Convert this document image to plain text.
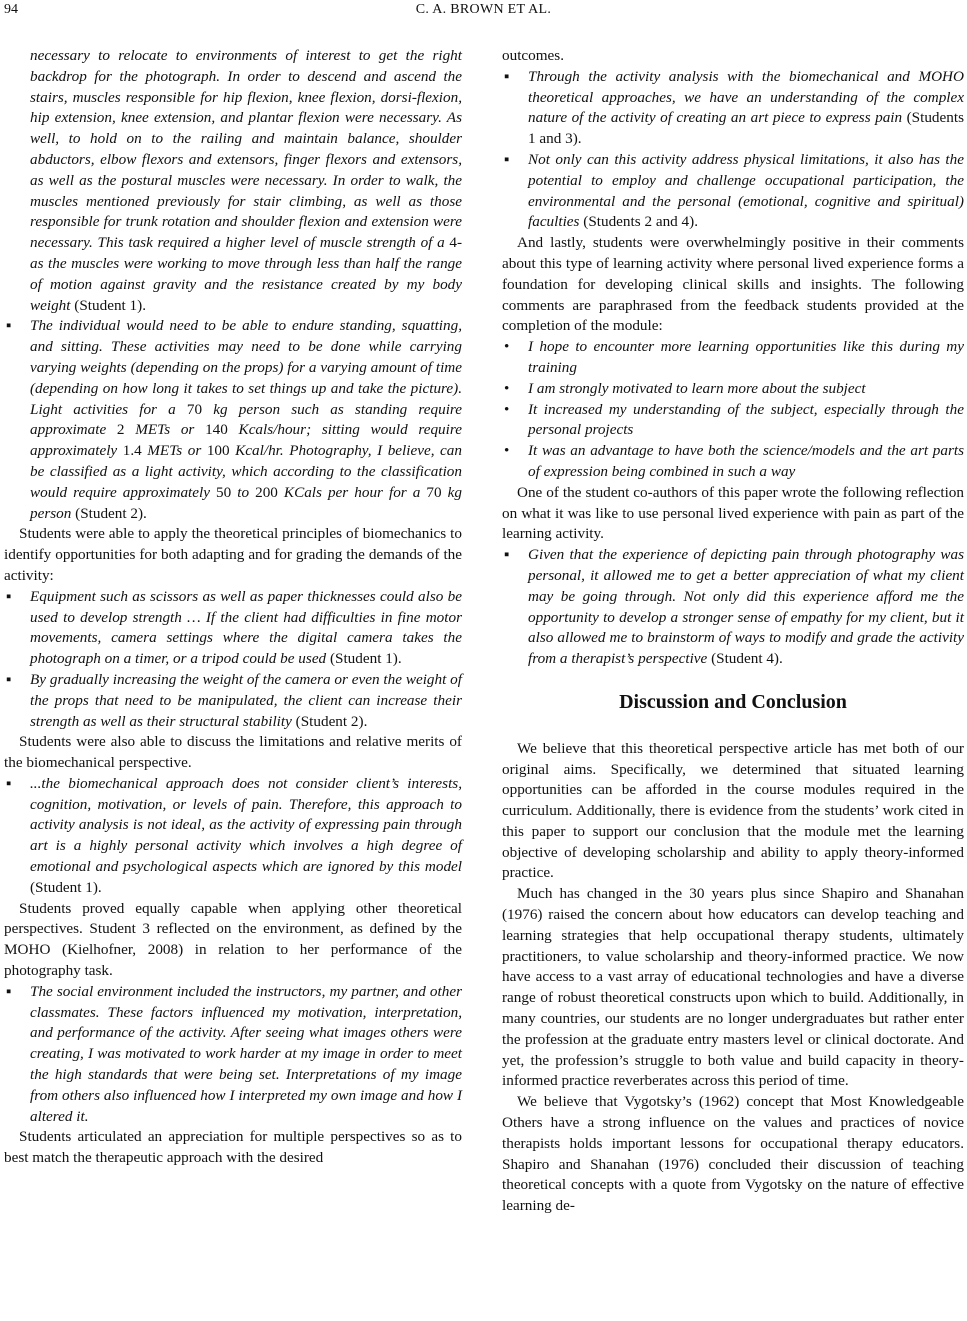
94	C. A. BROWN ET AL.

necessary to relocate to environments of interest to get the right backdrop for the photograph. In order to descend and ascend the stairs, muscles responsible for hip flexion, knee flexion, dorsi-flexion, hip extension, knee extension, and plantar flexion were necessary. As well, to hold on to the railing and maintain balance, shoulder abductors, elbow flexors and extensors, finger flexors and extensors, as well as the postural muscles were necessary. In order to walk, the muscles mentioned previously for stair climbing, as well as those responsible for trunk rotation and shoulder flexion and extension were necessary. This task required a higher level of muscle strength of a 4-as the muscles were working to move through less than half the range of motion against gravity and the resistance created by my body weight (Student 1).

▪ The individual would need to be able to endure standing, squatting, and sitting. These activities may need to be done while carrying varying weights (depending on the props) for a varying amount of time (depending on how long it takes to set things up and take the picture). Light activities for a 70 kg person such as standing require approximate 2 METs or 140 Kcals/hour; sitting would require approximately 1.4 METs or 100 Kcal/hr. Photography, I believe, can be classified as a light activity, which according to the classification would require approximately 50 to 200 KCals per hour for a 70 kg person (Student 2).

Students were able to apply the theoretical principles of biomechanics to identify opportunities for both adapting and for grading the demands of the activity:

▪ Equipment such as scissors as well as paper thicknesses could also be used to develop strength … If the client had difficulties in fine motor movements, camera settings where the digital camera takes the photograph on a timer, or a tripod could be used (Student 1).

▪ By gradually increasing the weight of the camera or even the weight of the props that need to be manipulated, the client can increase their strength as well as their structural stability (Student 2).

Students were also able to discuss the limitations and relative merits of the biomechanical perspective.

▪ ...the biomechanical approach does not consider client’s interests, cognition, motivation, or levels of pain. Therefore, this approach to activity analysis is not ideal, as the activity of expressing pain through art is a highly personal activity which involves a high degree of emotional and psychological aspects which are ignored by this model (Student 1).

Students proved equally capable when applying other theoretical perspectives. Student 3 reflected on the environment, as defined by the MOHO (Kielhofner, 2008) in relation to her performance of the photography task.

▪ The social environment included the instructors, my partner, and other classmates. These factors influenced my motivation, interpretation, and performance of the activity. After seeing what images others were creating, I was motivated to work harder at my image in order to meet the high standards that were being set. Interpretations of my image from others also influenced how I interpreted my own image and how I altered it.

Students articulated an appreciation for multiple perspectives so as to best match the therapeutic approach with the desired

outcomes.

▪ Through the activity analysis with the biomechanical and MOHO theoretical approaches, we have an understanding of the complex nature of the activity of creating an art piece to express pain (Students 1 and 3).

▪ Not only can this activity address physical limitations, it also has the potential to employ and challenge occupational participation, the environmental and the personal (emotional, cognitive and spiritual) faculties (Students 2 and 4).

And lastly, students were overwhelmingly positive in their comments about this type of learning activity where personal lived experience forms a foundation for developing clinical skills and insights. The following comments are paraphrased from the feedback students provided at the completion of the module:

• I hope to encounter more learning opportunities like this during my training

• I am strongly motivated to learn more about the subject

• It increased my understanding of the subject, especially through the personal projects

• It was an advantage to have both the science/models and the art parts of expression being combined in such a way

One of the student co-authors of this paper wrote the following reflection on what it was like to use personal lived experience with pain as part of the learning activity.

▪ Given that the experience of depicting pain through photography was personal, it allowed me to get a better appreciation of what my client may be going through. Not only did this experience afford me the opportunity to develop a stronger sense of empathy for my client, but it also allowed me to brainstorm of ways to modify and grade the activity from a therapist’s perspective (Student 4).

Discussion and Conclusion

We believe that this theoretical perspective article has met both of our original aims. Specifically, we determined that situated learning opportunities can be afforded in the course modules required in the curriculum. Additionally, there is evidence from the students’ work cited in this paper to support our conclusion that the module met the learning objective of developing scholarship and ability to apply theory-informed practice.

Much has changed in the 30 years plus since Shapiro and Shanahan (1976) raised the concern about how educators can develop teaching and learning strategies that help occupational therapy students, ultimately practitioners, to value scholarship and theory-informed practice. We now have access to a vast array of educational technologies and have a diverse range of robust theoretical constructs upon which to build. Additionally, in many countries, our students are no longer undergraduates but rather enter the profession at the graduate entry masters level or clinical doctorate. And yet, the profession’s struggle to both value and build capacity in theory-informed practice reverberates across this period of time.

We believe that Vygotsky’s (1962) concept that Most Knowledgeable Others have a strong influence on the values and practices of novice therapists holds important lessons for occupational therapy educators. Shapiro and Shanahan (1976) concluded their discussion of teaching theoretical concepts with a quote from Vygotsky on the nature of effective learning de-
